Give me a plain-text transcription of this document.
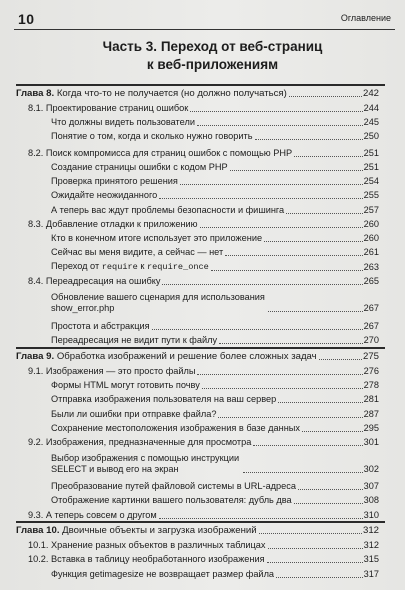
10	Оглавление
Часть 3. Переход от веб-страниц
к веб-приложениям
Глава 8. Когда что-то не получается (но должно получаться)	242
8.1. Проектирование страниц ошибок	244
Что должны видеть пользователи	245
Понятие о том, когда и сколько нужно говорить	250
8.2. Поиск компромисса для страниц ошибок с помощью PHP	251
Создание страницы ошибки с кодом PHP	251
Проверка принятого решения	254
Ожидайте неожиданного	255
А теперь вас ждут проблемы безопасности и фишинга	257
8.3. Добавление отладки к приложению	260
Кто в конечном итоге использует это приложение	260
Сейчас вы меня видите, а сейчас — нет	261
Переход от require к require_once	263
8.4. Переадресация на ошибку	265
Обновление вашего сценария для использования show_error.php	267
Простота и абстракция	267
Переадресация не видит пути к файлу	270
Глава 9. Обработка изображений и решение более сложных задач	275
9.1. Изображения — это просто файлы	276
Формы HTML могут готовить почву	278
Отправка изображения пользователя на ваш сервер	281
Были ли ошибки при отправке файла?	287
Сохранение местоположения изображения в базе данных	295
9.2. Изображения, предназначенные для просмотра	301
Выбор изображения с помощью инструкции SELECT и вывод его на экран	302
Преобразование путей файловой системы в URL-адреса	307
Отображение картинки вашего пользователя: дубль два	308
9.3. А теперь совсем о другом	310
Глава 10. Двоичные объекты и загрузка изображений	312
10.1. Хранение разных объектов в различных таблицах	312
10.2. Вставка в таблицу необработанного изображения	315
Функция getimagesize не возвращает размер файла	317
